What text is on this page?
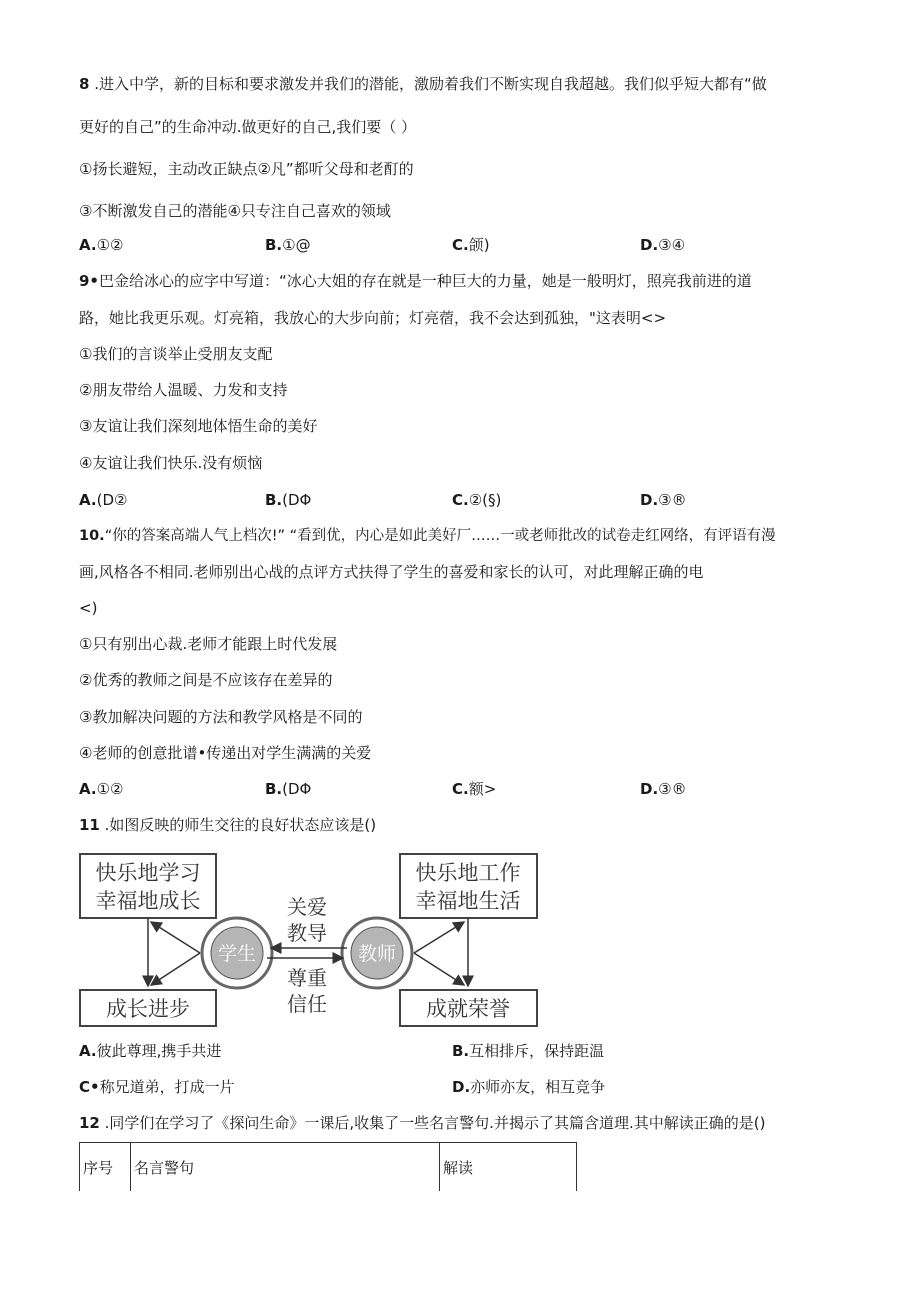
8 .进入中学，新的目标和要求激发并我们的潜能，激励着我们不断实现自我超越。我们似乎短大都有“做
更好的自己”的生命冲动.做更好的自己,我们要（ ）
①扬长避短，主动改正缺点②凡”都听父母和老酊的
③不断激发自己的潜能④只专注自己喜欢的领域
A.①②	B.①@	C.颌)	D.③④
9•巴金给冰心的应字中写道：“冰心大姐的存在就是一种巨大的力量，她是一般明灯，照亮我前进的道
路，她比我更乐观。灯亮箱，我放心的大步向前；灯亮蓿，我不会达到孤独，"这表明<>
①我们的言谈举止受朋友支配
②朋友带给人温暖、力发和支持
③友谊让我们深刻地体悟生命的美好
④友谊让我们快乐.没有烦恼
A.(D②	B.(DΦ	C.②(§)	D.③®
10.“你的答案高端人气上档次!” “看到优，内心是如此美好厂……一或老师批改的试卷走红网络，有评语有漫
画,风格各不相同.老师别出心战的点评方式扶得了学生的喜爱和家长的认可，对此理解正确的电
<)
①只有别出心裁.老师才能跟上时代发展
②优秀的教师之间是不应该存在差异的
③教加解决问题的方法和教学风格是不同的
④老师的创意批谱•传递出对学生满满的关爱
A.①②	B.(DΦ	C.额>	D.③®
11 .如图反映的师生交往的良好状态应该是()
快乐地学习
幸福地成长
快乐地工作
幸福地生活
成长进步	成就荣誉
学生	教师
关爱
教导
尊重
信任
A.彼此尊理,携手共进	B.互相排斥，保持距温
C•称兄道弟，打成一片	D.亦师亦友，相互竞争
12 .同学们在学习了《探问生命》一课后,收集了一些名言警句.并揭示了其篇含道理.其中解读正确的是()
序号	名言警句	解读
